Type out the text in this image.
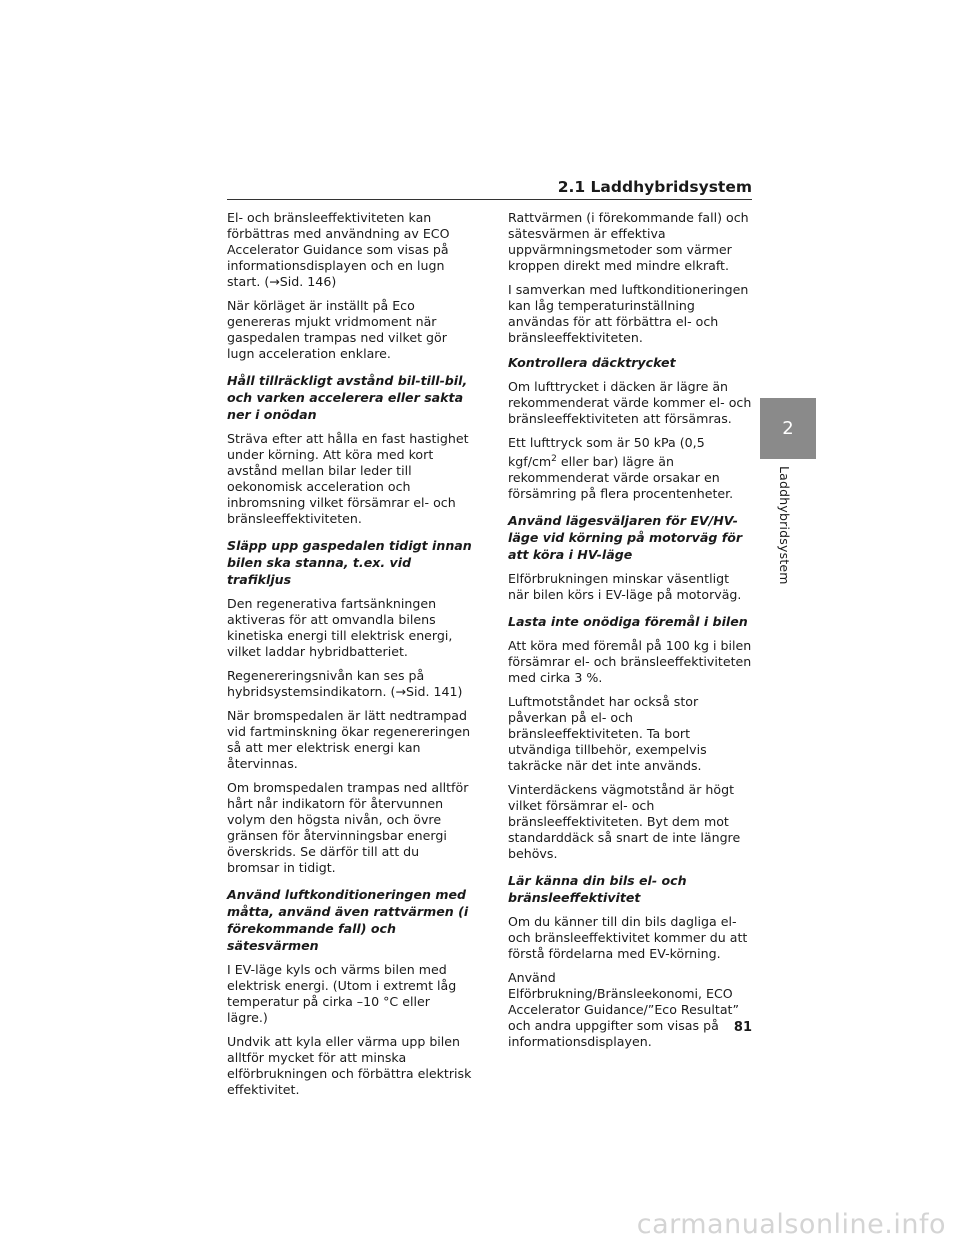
2.1 Laddhybridsystem

El- och bränsleeffektiviteten kan förbättras med användning av ECO Accelerator Guidance som visas på informationsdisplayen och en lugn start. (→Sid. 146)

När körläget är inställt på Eco genereras mjukt vridmoment när gaspedalen trampas ned vilket gör lugn acceleration enklare.

Håll tillräckligt avstånd bil-till-bil, och varken accelerera eller sakta ner i onödan

Sträva efter att hålla en fast hastighet under körning. Att köra med kort avstånd mellan bilar leder till oekonomisk acceleration och inbromsning vilket försämrar el- och bränsleeffektiviteten.

Släpp upp gaspedalen tidigt innan bilen ska stanna, t.ex. vid trafikljus

Den regenerativa fartsänkningen aktiveras för att omvandla bilens kinetiska energi till elektrisk energi, vilket laddar hybridbatteriet.

Regenereringsnivån kan ses på hybridsystemsindikatorn. (→Sid. 141)

När bromspedalen är lätt nedtrampad vid fartminskning ökar regenereringen så att mer elektrisk energi kan återvinnas.

Om bromspedalen trampas ned alltför hårt når indikatorn för återvunnen volym den högsta nivån, och övre gränsen för återvinningsbar energi överskrids. Se därför till att du bromsar in tidigt.

Använd luftkonditioneringen med måtta, använd även rattvärmen (i förekommande fall) och sätesvärmen

I EV-läge kyls och värms bilen med elektrisk energi. (Utom i extremt låg temperatur på cirka –10 °C eller lägre.)

Undvik att kyla eller värma upp bilen alltför mycket för att minska elförbrukningen och förbättra elektrisk effektivitet.

Rattvärmen (i förekommande fall) och sätesvärmen är effektiva uppvärmningsmetoder som värmer kroppen direkt med mindre elkraft.

I samverkan med luftkonditioneringen kan låg temperaturinställning användas för att förbättra el- och bränsleeffektiviteten.

Kontrollera däcktrycket

Om lufttrycket i däcken är lägre än rekommenderat värde kommer el- och bränsleeffektiviteten att försämras.

Ett lufttryck som är 50 kPa (0,5 kgf/$cm^2$ eller bar) lägre än rekommenderat värde orsakar en försämring på flera procentenheter.

Använd lägesväljaren för EV/HV-läge vid körning på motorväg för att köra i HV-läge

Elförbrukningen minskar väsentligt när bilen körs i EV-läge på motorväg.

Lasta inte onödiga föremål i bilen

Att köra med föremål på 100 kg i bilen försämrar el- och bränsleeffektiviteten med cirka 3 %.

Luftmotståndet har också stor påverkan på el- och bränsleeffektiviteten. Ta bort utvändiga tillbehör, exempelvis takräcke när det inte används.

Vinterdäckens vägmotstånd är högt vilket försämrar el- och bränsleeffektiviteten. Byt dem mot standarddäck så snart de inte längre behövs.

Lär känna din bils el- och bränsleeffektivitet

Om du känner till din bils dagliga el- och bränsleeffektivitet kommer du att förstå fördelarna med EV-körning.

Använd Elförbrukning/Bränsleekonomi, ECO Accelerator Guidance/”Eco Resultat” och andra uppgifter som visas på informationsdisplayen.

2
Laddhybridsystem
81
carmanualsonline.info
